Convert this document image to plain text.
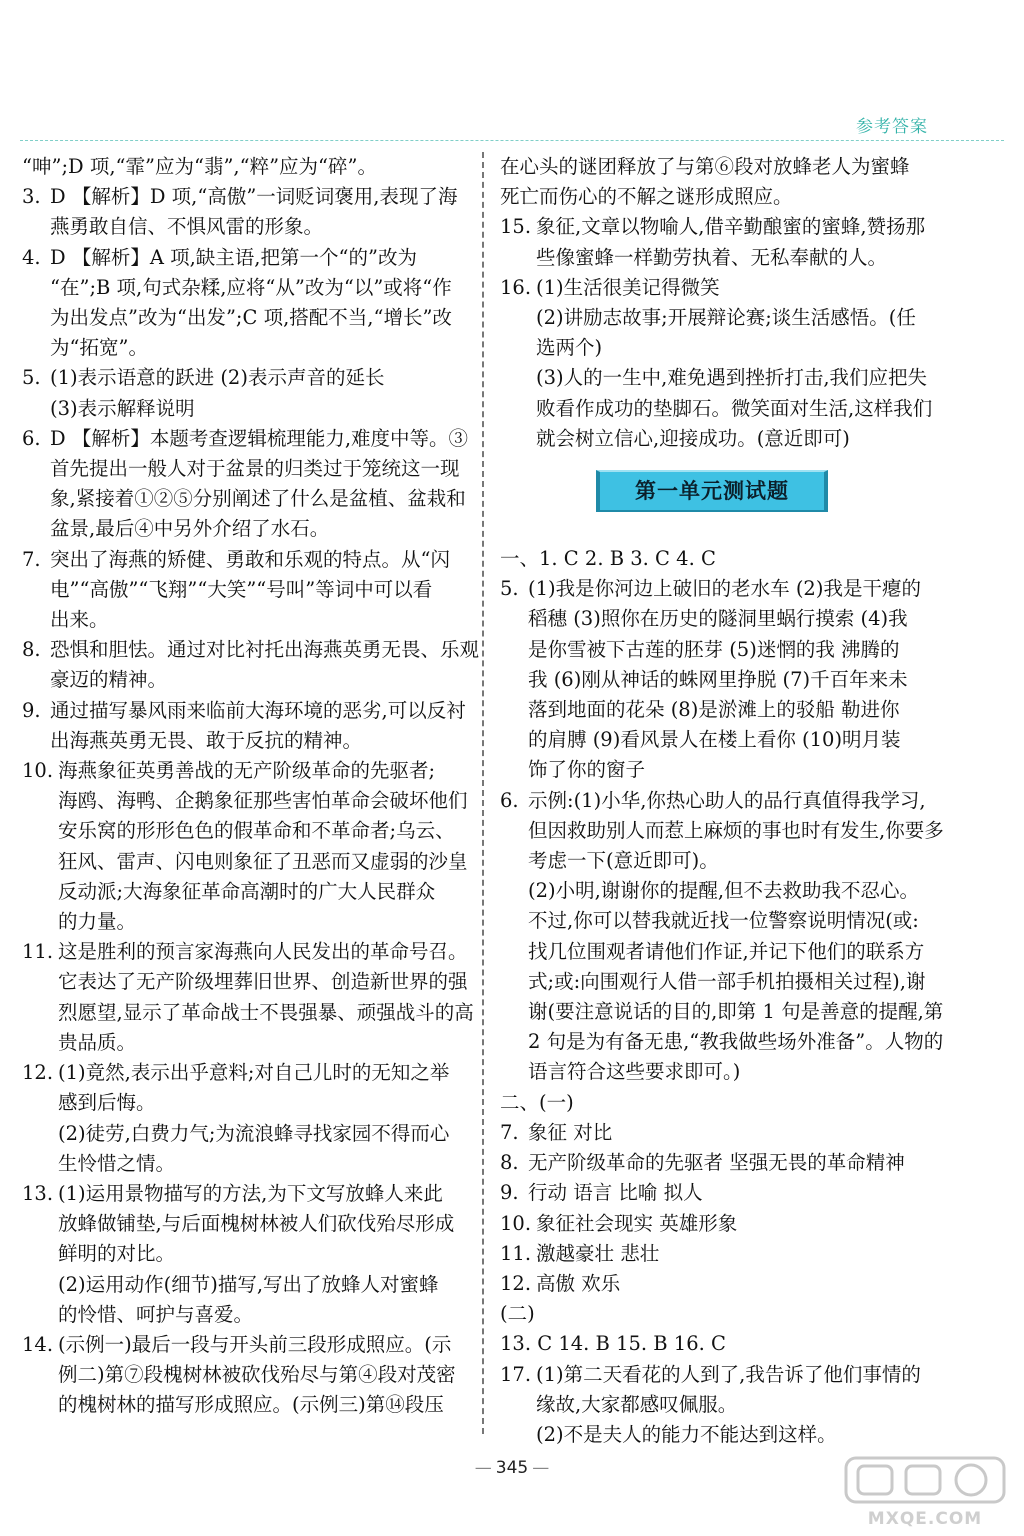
参考答案
“呻”;D 项,“霏”应为“翡”,“粹”应为“碎”。
3. D 【解析】D 项,“高傲”一词贬词褒用,表现了海
燕勇敢自信、不惧风雷的形象。
4. D 【解析】A 项,缺主语,把第一个“的”改为
“在”;B 项,句式杂糅,应将“从”改为“以”或将“作
为出发点”改为“出发”;C 项,搭配不当,“增长”改
为“拓宽”。
5. (1)表示语意的跃进 (2)表示声音的延长
(3)表示解释说明
6. D 【解析】本题考查逻辑梳理能力,难度中等。③
首先提出一般人对于盆景的归类过于笼统这一现
象,紧接着①②⑤分别阐述了什么是盆植、盆栽和
盆景,最后④中另外介绍了水石。
7. 突出了海燕的矫健、勇敢和乐观的特点。从“闪
电”“高傲”“飞翔”“大笑”“号叫”等词中可以看
出来。
8. 恐惧和胆怯。通过对比衬托出海燕英勇无畏、乐观
豪迈的精神。
9. 通过描写暴风雨来临前大海环境的恶劣,可以反衬
出海燕英勇无畏、敢于反抗的精神。
10. 海燕象征英勇善战的无产阶级革命的先驱者;
海鸥、海鸭、企鹅象征那些害怕革命会破坏他们
安乐窝的形形色色的假革命和不革命者;乌云、
狂风、雷声、闪电则象征了丑恶而又虚弱的沙皇
反动派;大海象征革命高潮时的广大人民群众
的力量。
11. 这是胜利的预言家海燕向人民发出的革命号召。
它表达了无产阶级埋葬旧世界、创造新世界的强
烈愿望,显示了革命战士不畏强暴、顽强战斗的高
贵品质。
12. (1)竟然,表示出乎意料;对自己儿时的无知之举
感到后悔。
(2)徒劳,白费力气;为流浪蜂寻找家园不得而心
生怜惜之情。
13. (1)运用景物描写的方法,为下文写放蜂人来此
放蜂做铺垫,与后面槐树林被人们砍伐殆尽形成
鲜明的对比。
(2)运用动作(细节)描写,写出了放蜂人对蜜蜂
的怜惜、呵护与喜爱。
14. (示例一)最后一段与开头前三段形成照应。(示
例二)第⑦段槐树林被砍伐殆尽与第④段对茂密
的槐树林的描写形成照应。(示例三)第⑭段压
在心头的谜团释放了与第⑥段对放蜂老人为蜜蜂
死亡而伤心的不解之谜形成照应。
15. 象征,文章以物喻人,借辛勤酿蜜的蜜蜂,赞扬那
些像蜜蜂一样勤劳执着、无私奉献的人。
16. (1)生活很美记得微笑
(2)讲励志故事;开展辩论赛;谈生活感悟。(任
选两个)
(3)人的一生中,难免遇到挫折打击,我们应把失
败看作成功的垫脚石。微笑面对生活,这样我们
就会树立信心,迎接成功。(意近即可)
第一单元测试题
一、1. C 2. B 3. C 4. C
5. (1)我是你河边上破旧的老水车 (2)我是干瘪的
稻穗 (3)照你在历史的隧洞里蜗行摸索 (4)我
是你雪被下古莲的胚芽 (5)迷惘的我 沸腾的
我 (6)刚从神话的蛛网里挣脱 (7)千百年来未
落到地面的花朵 (8)是淤滩上的驳船 勒进你
的肩膊 (9)看风景人在楼上看你 (10)明月装
饰了你的窗子
6. 示例:(1)小华,你热心助人的品行真值得我学习,
但因救助别人而惹上麻烦的事也时有发生,你要多
考虑一下(意近即可)。
(2)小明,谢谢你的提醒,但不去救助我不忍心。
不过,你可以替我就近找一位警察说明情况(或:
找几位围观者请他们作证,并记下他们的联系方
式;或:向围观行人借一部手机拍摄相关过程),谢
谢(要注意说话的目的,即第 1 句是善意的提醒,第
2 句是为有备无患,“教我做些场外准备”。人物的
语言符合这些要求即可。)
二、(一)
7. 象征 对比
8. 无产阶级革命的先驱者 坚强无畏的革命精神
9. 行动 语言 比喻 拟人
10. 象征社会现实 英雄形象
11. 激越豪壮 悲壮
12. 高傲 欢乐
(二)
13. C 14. B 15. B 16. C
17. (1)第二天看花的人到了,我告诉了他们事情的
缘故,大家都感叹佩服。
(2)不是夫人的能力不能达到这样。
— 345 —
MXQE.COM
